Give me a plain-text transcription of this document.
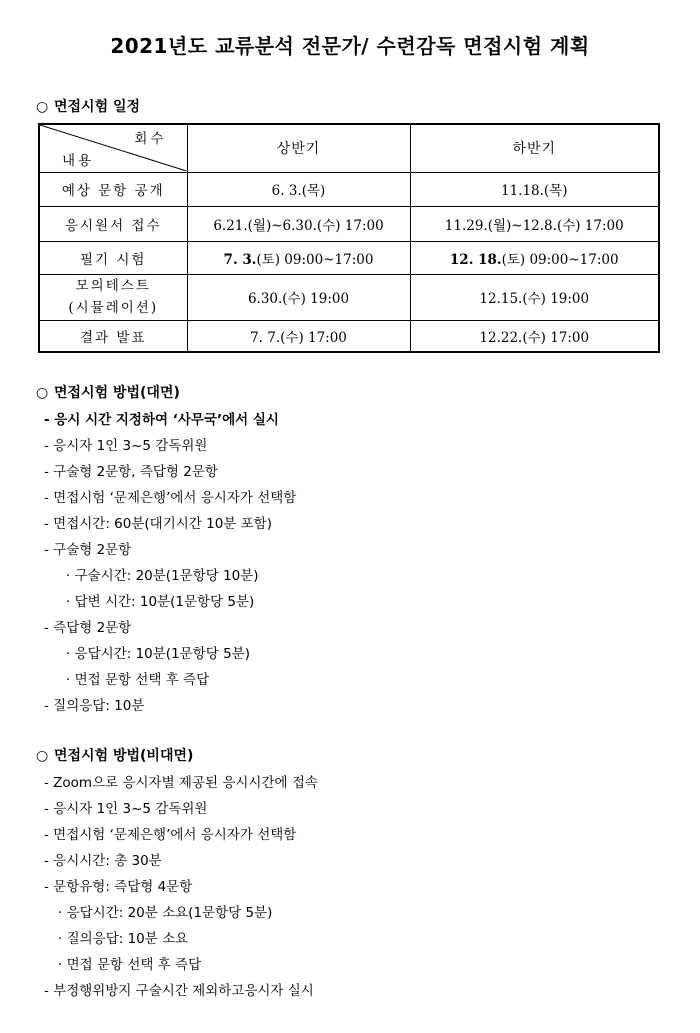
2021년도 교류분석 전문가/ 수련감독 면접시험 계획
○ 면접시험 일정
회수
내용	상반기	하반기
예상 문항 공개	6. 3.(목)	11.18.(목)
응시원서 접수	6.21.(월)~6.30.(수) 17:00	11.29.(월)~12.8.(수) 17:00
필기 시험	7. 3.(토) 09:00~17:00	12. 18.(토) 09:00~17:00

모의테스트
(시뮬레이션)	6.30.(수) 19:00	12.15.(수) 19:00
결과 발표	7. 7.(수) 17:00	12.22.(수) 17:00
○ 면접시험 방법(대면)
- 응시 시간 지정하여 ‘사무국’에서 실시
- 응시자 1인 3~5 감독위원
- 구술형 2문항, 즉답형 2문항
- 면접시험 ‘문제은행’에서 응시자가 선택함
- 면접시간: 60분(대기시간 10분 포함)
- 구술형 2문항
· 구술시간: 20분(1문항당 10분)
· 답변 시간: 10분(1문항당 5분)
- 즉답형 2문항
· 응답시간: 10분(1문항당 5분)
· 면접 문항 선택 후 즉답
- 질의응답: 10분
○ 면접시험 방법(비대면)
- Zoom으로 응시자별 제공된 응시시간에 접속
- 응시자 1인 3~5 감독위원
- 면접시험 ‘문제은행’에서 응시자가 선택함
- 응시시간: 총 30분
- 문항유형: 즉답형 4문항
· 응답시간: 20분 소요(1문항당 5분)
· 질의응답: 10분 소요
· 면접 문항 선택 후 즉답
- 부정행위방지 구술시간 제외하고응시자 실시
